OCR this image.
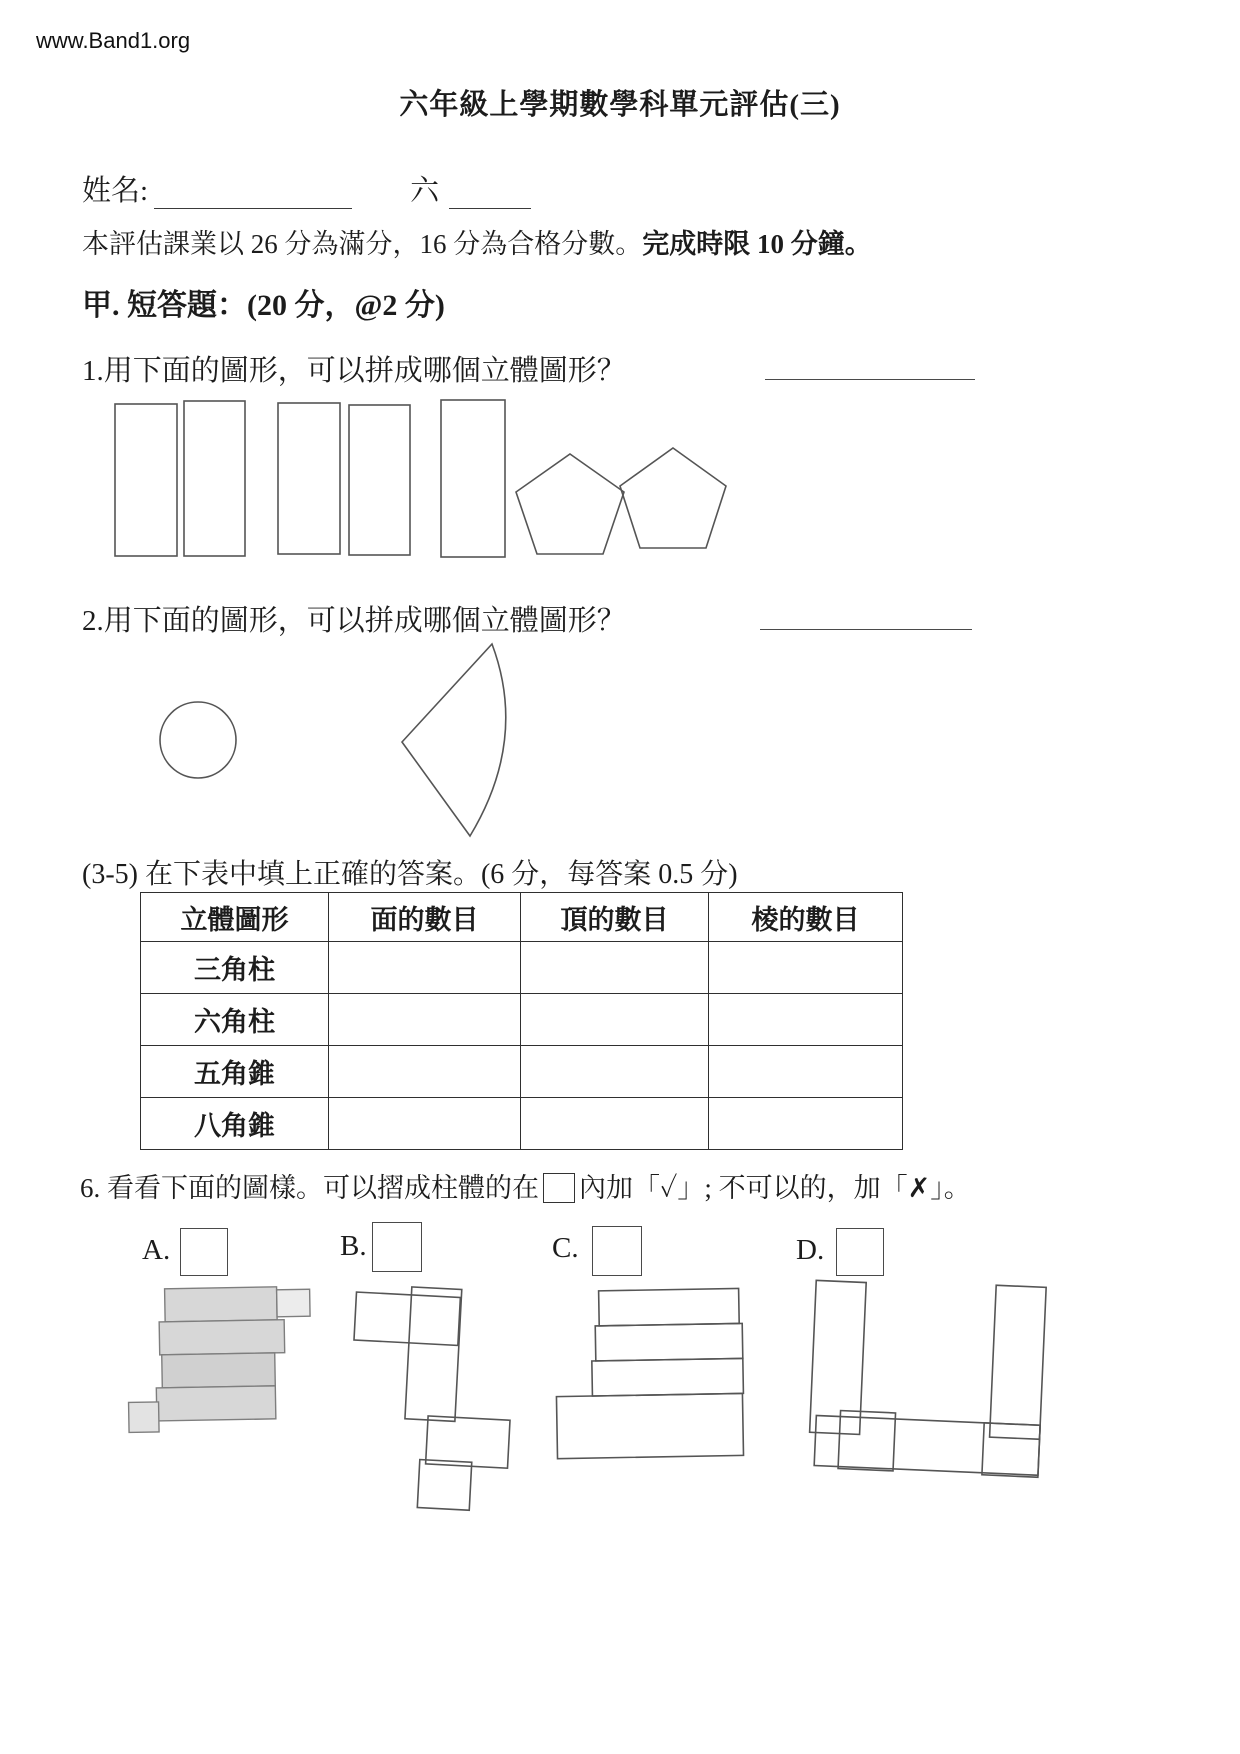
www.Band1.org
六年級上學期數學科單元評估(三)
姓名:	六
本評估課業以 26 分為滿分，16 分為合格分數。完成時限 10 分鐘。
甲. 短答題：(20 分，@2 分)
1.用下面的圖形，可以拼成哪個立體圖形？
2.用下面的圖形，可以拼成哪個立體圖形？
(3-5) 在下表中填上正確的答案。(6 分，每答案 0.5 分)
立體圖形	面的數目	頂的數目	棱的數目
三角柱			
六角柱			
五角錐			
八角錐			
6. 看看下面的圖樣。可以摺成柱體的在 內加「✓」; 不可以的，加「✗」。
A.	B.	C.	D.
